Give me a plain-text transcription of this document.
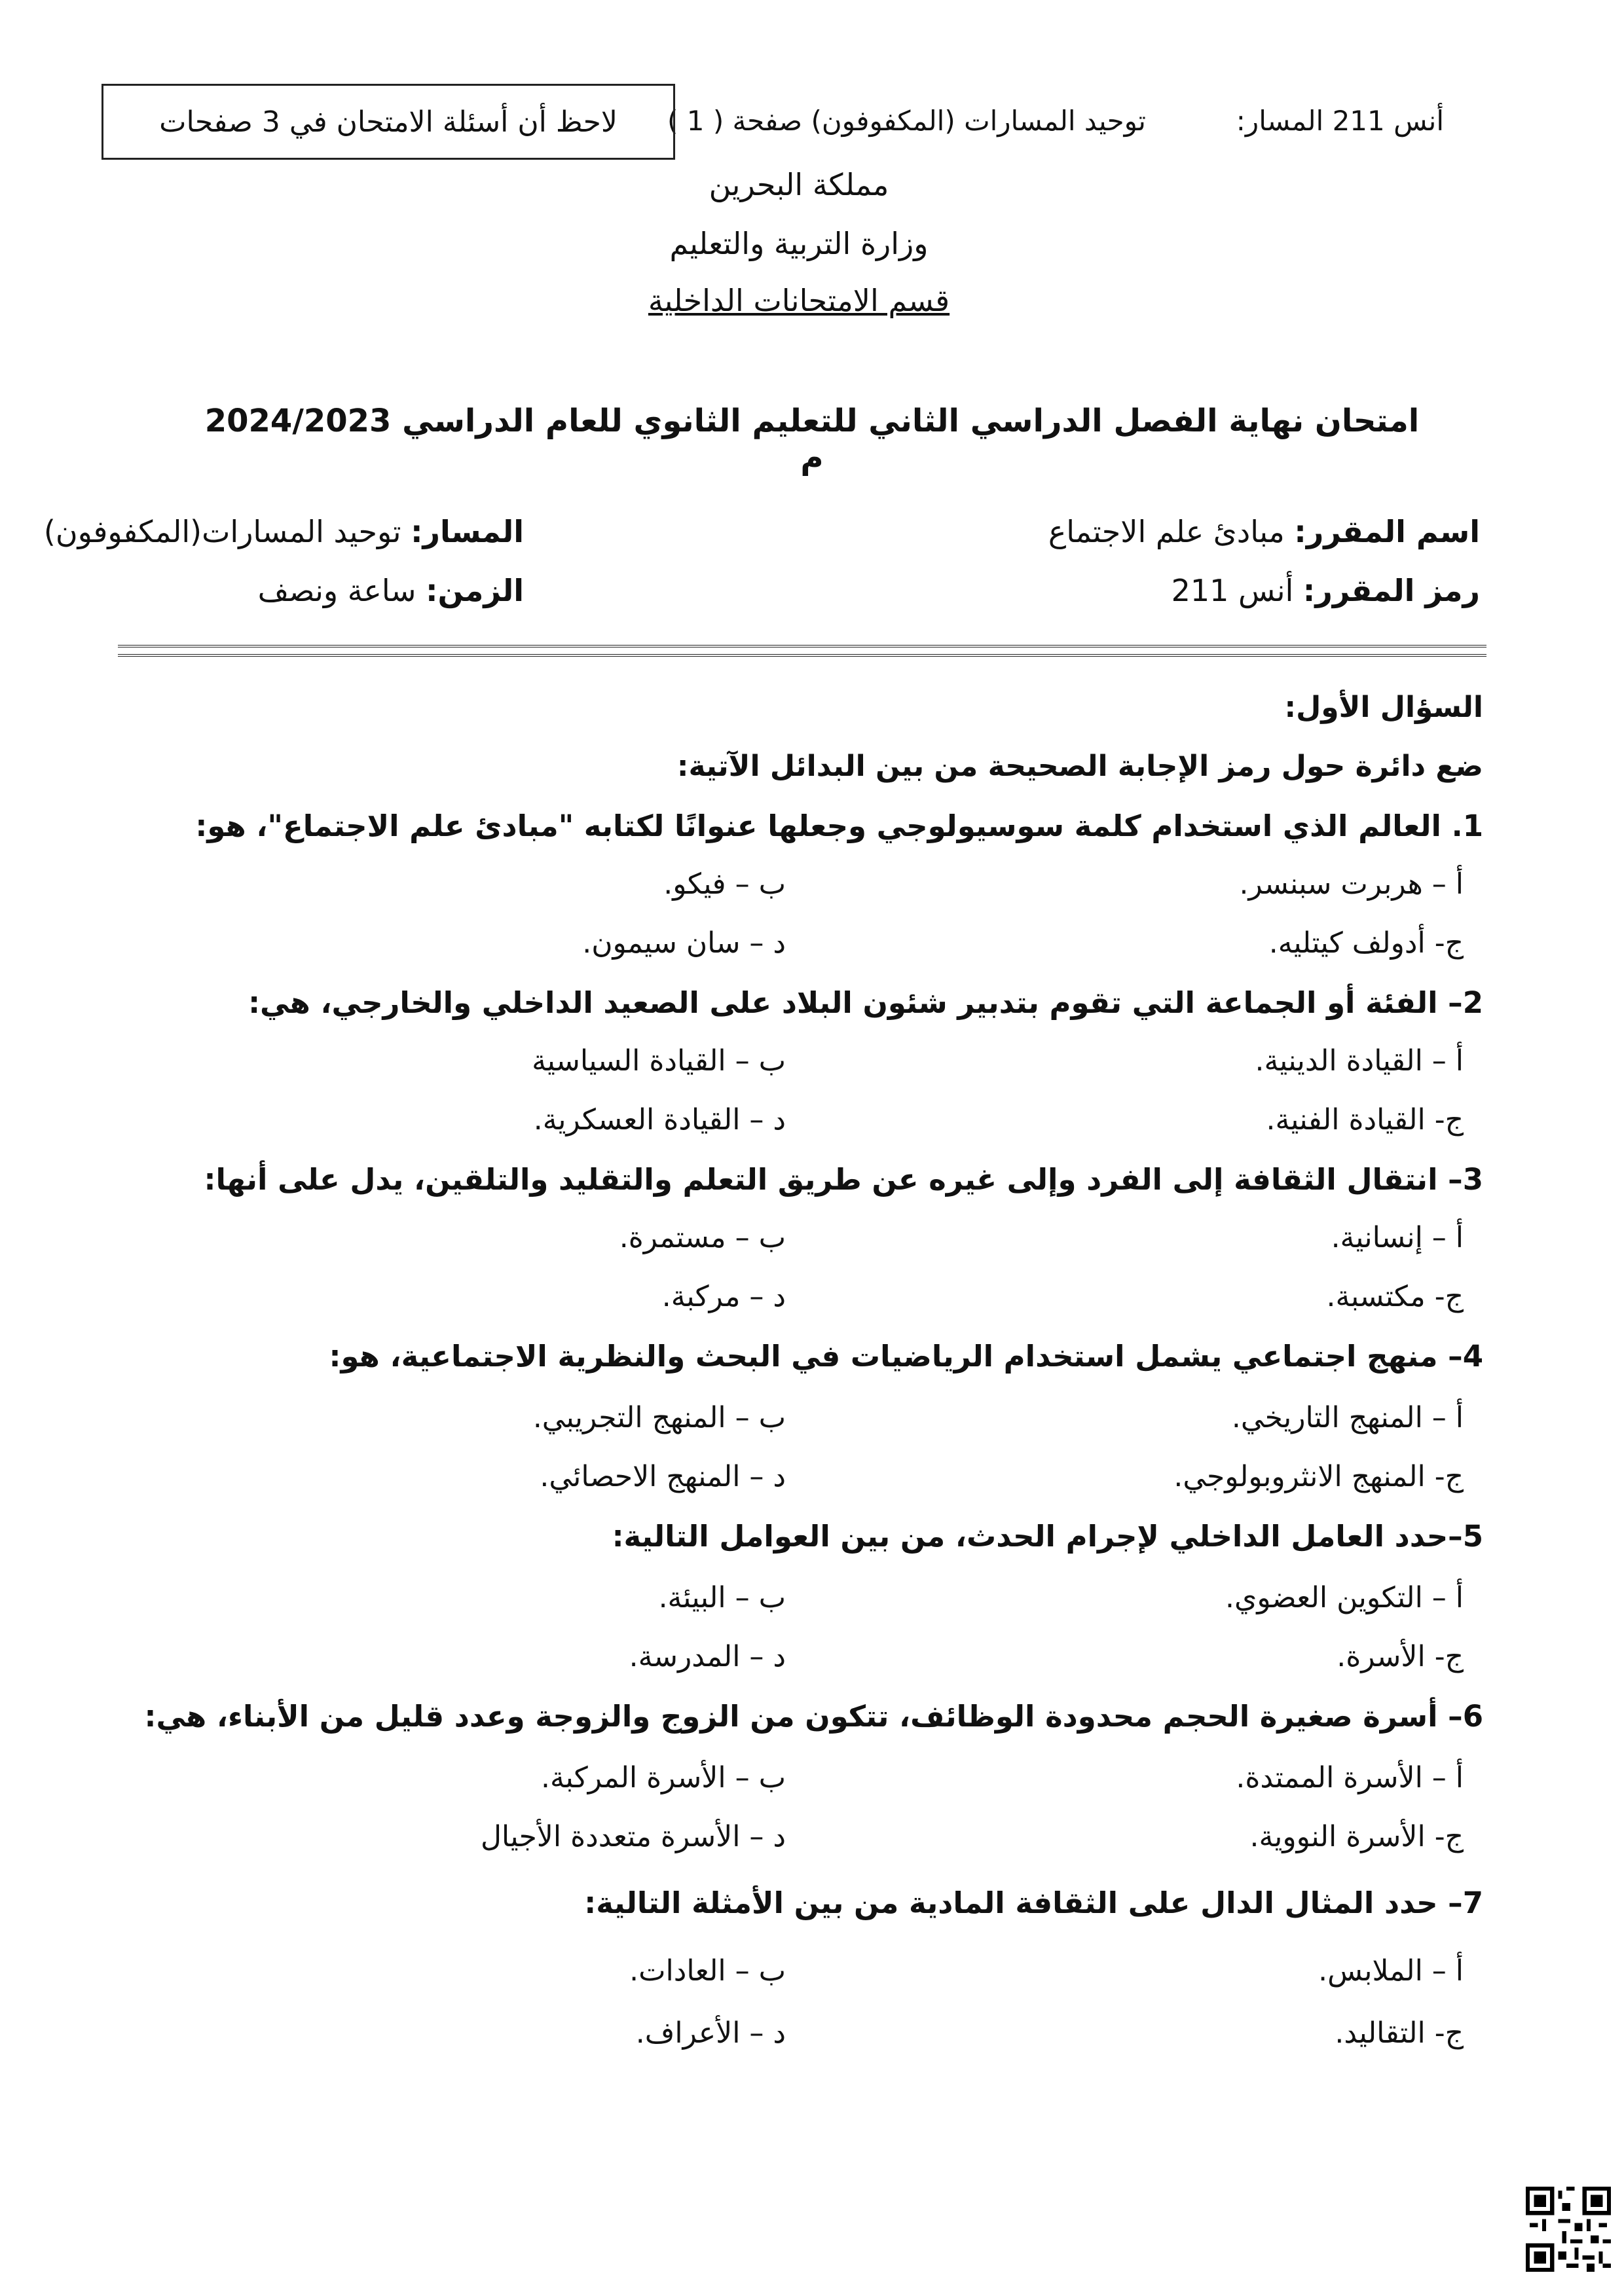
أنس 211 المسار:
توحيد المسارات (المكفوفون) صفحة ( 1 )
لاحظ أن أسئلة الامتحان في 3 صفحات
مملكة البحرين
وزارة التربية والتعليم
قسم الامتحانات الداخلية
امتحان نهاية الفصل الدراسي الثاني للتعليم الثانوي للعام الدراسي 2024/2023 م
اسم المقرر: مبادئ علم الاجتماع
رمز المقرر: أنس 211
المسار: توحيد المسارات(المكفوفون)
الزمن: ساعة ونصف
السؤال الأول:
ضع دائرة حول رمز الإجابة الصحيحة من بين البدائل الآتية:
1. العالم الذي استخدام كلمة سوسيولوجي وجعلها عنوانًا لكتابه "مبادئ علم الاجتماع"، هو:
أ – هربرت سبنسر.
ب – فيكو.
ج- أدولف كيتليه.
د – سان سيمون.
2– الفئة أو الجماعة التي تقوم بتدبير شئون البلاد على الصعيد الداخلي والخارجي، هي:
أ – القيادة الدينية.
ب – القيادة السياسية
ج- القيادة الفنية.
د – القيادة العسكرية.
3– انتقال الثقافة إلى الفرد وإلى غيره عن طريق التعلم والتقليد والتلقين، يدل على أنها:
أ – إنسانية.
ب – مستمرة.
ج- مكتسبة.
د – مركبة.
4– منهج اجتماعي يشمل استخدام الرياضيات في البحث والنظرية الاجتماعية، هو:
أ – المنهج التاريخي.
ب – المنهج التجريبي.
ج- المنهج الانثروبولوجي.
د – المنهج الاحصائي.
5–حدد العامل الداخلي لإجرام الحدث، من بين العوامل التالية:
أ – التكوين العضوي.
ب – البيئة.
ج- الأسرة.
د – المدرسة.
6– أسرة صغيرة الحجم محدودة الوظائف، تتكون من الزوج والزوجة وعدد قليل من الأبناء، هي:
أ – الأسرة الممتدة.
ب – الأسرة المركبة.
ج- الأسرة النووية.
د – الأسرة متعددة الأجيال
7– حدد المثال الدال على الثقافة المادية من بين الأمثلة التالية:
أ – الملابس.
ب – العادات.
ج- التقاليد.
د – الأعراف.
